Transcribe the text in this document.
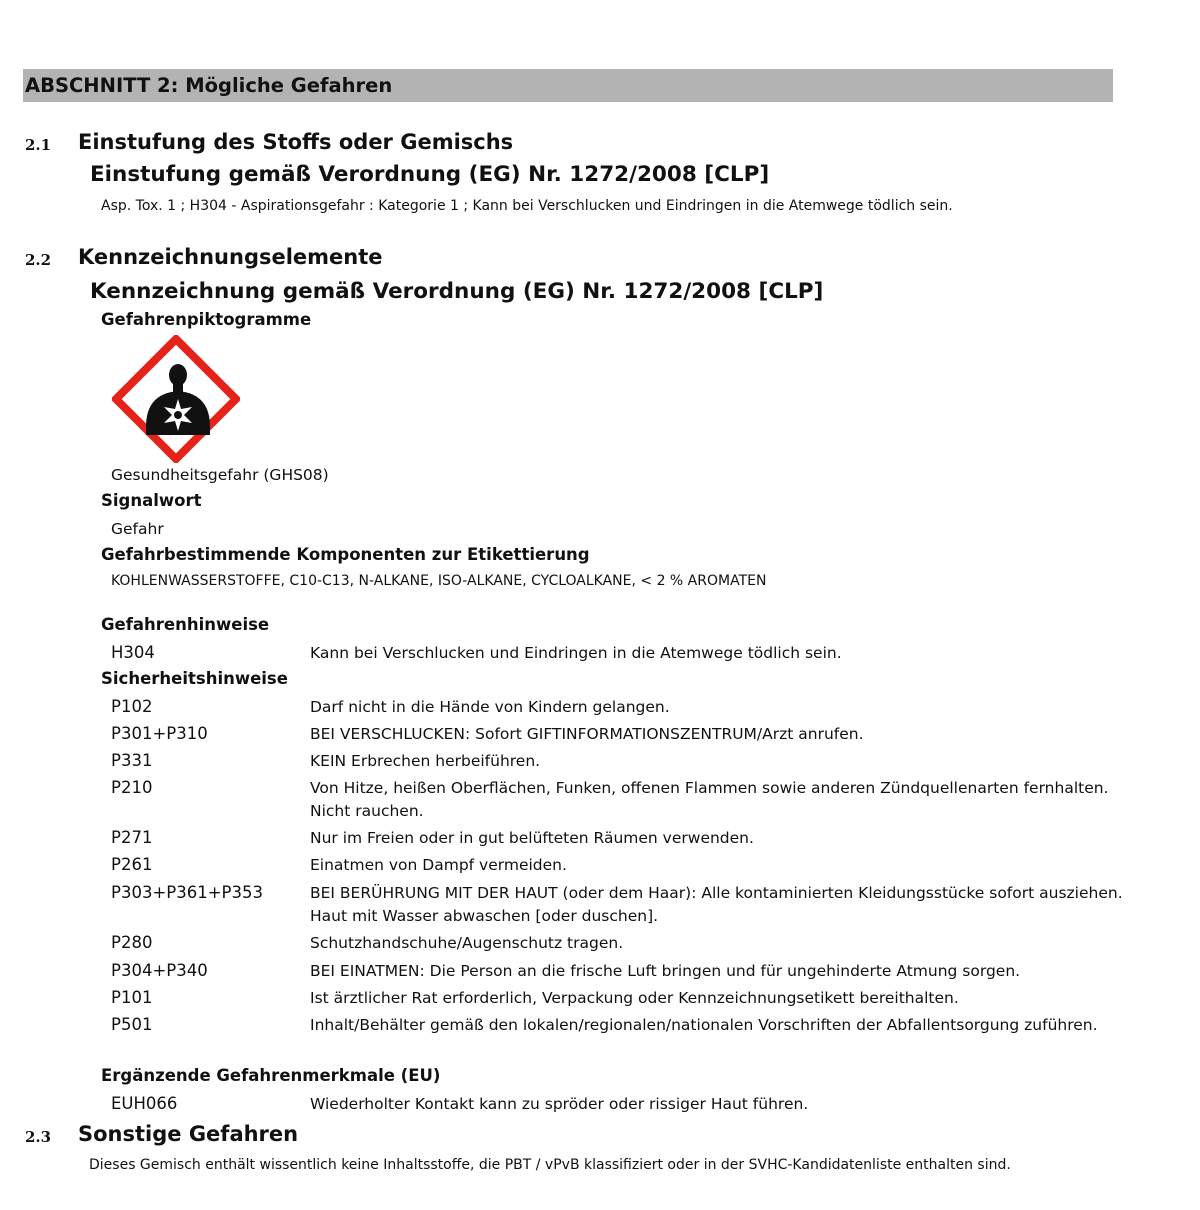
ABSCHNITT 2: Mögliche Gefahren
2.1 Einstufung des Stoffs oder Gemischs
Einstufung gemäß Verordnung (EG) Nr. 1272/2008 [CLP]
Asp. Tox. 1 ; H304 - Aspirationsgefahr : Kategorie 1 ; Kann bei Verschlucken und Eindringen in die Atemwege tödlich sein.
2.2 Kennzeichnungselemente
Kennzeichnung gemäß Verordnung (EG) Nr. 1272/2008 [CLP]
Gefahrenpiktogramme
Gesundheitsgefahr (GHS08)
Signalwort
Gefahr
Gefahrbestimmende Komponenten zur Etikettierung
KOHLENWASSERSTOFFE, C10-C13, N-ALKANE, ISO-ALKANE, CYCLOALKANE, < 2 % AROMATEN
Gefahrenhinweise
H304	Kann bei Verschlucken und Eindringen in die Atemwege tödlich sein.
Sicherheitshinweise
P102	Darf nicht in die Hände von Kindern gelangen.
P301+P310	BEI VERSCHLUCKEN: Sofort GIFTINFORMATIONSZENTRUM/Arzt anrufen.
P331	KEIN Erbrechen herbeiführen.
P210	Von Hitze, heißen Oberflächen, Funken, offenen Flammen sowie anderen Zündquellenarten fernhalten. Nicht rauchen.
P271	Nur im Freien oder in gut belüfteten Räumen verwenden.
P261	Einatmen von Dampf vermeiden.
P303+P361+P353	BEI BERÜHRUNG MIT DER HAUT (oder dem Haar): Alle kontaminierten Kleidungsstücke sofort ausziehen. Haut mit Wasser abwaschen [oder duschen].
P280	Schutzhandschuhe/Augenschutz tragen.
P304+P340	BEI EINATMEN: Die Person an die frische Luft bringen und für ungehinderte Atmung sorgen.
P101	Ist ärztlicher Rat erforderlich, Verpackung oder Kennzeichnungsetikett bereithalten.
P501	Inhalt/Behälter gemäß den lokalen/regionalen/nationalen Vorschriften der Abfallentsorgung zuführen.
Ergänzende Gefahrenmerkmale (EU)
EUH066	Wiederholter Kontakt kann zu spröder oder rissiger Haut führen.
2.3 Sonstige Gefahren
Dieses Gemisch enthält wissentlich keine Inhaltsstoffe, die PBT / vPvB klassifiziert oder in der SVHC-Kandidatenliste enthalten sind.
